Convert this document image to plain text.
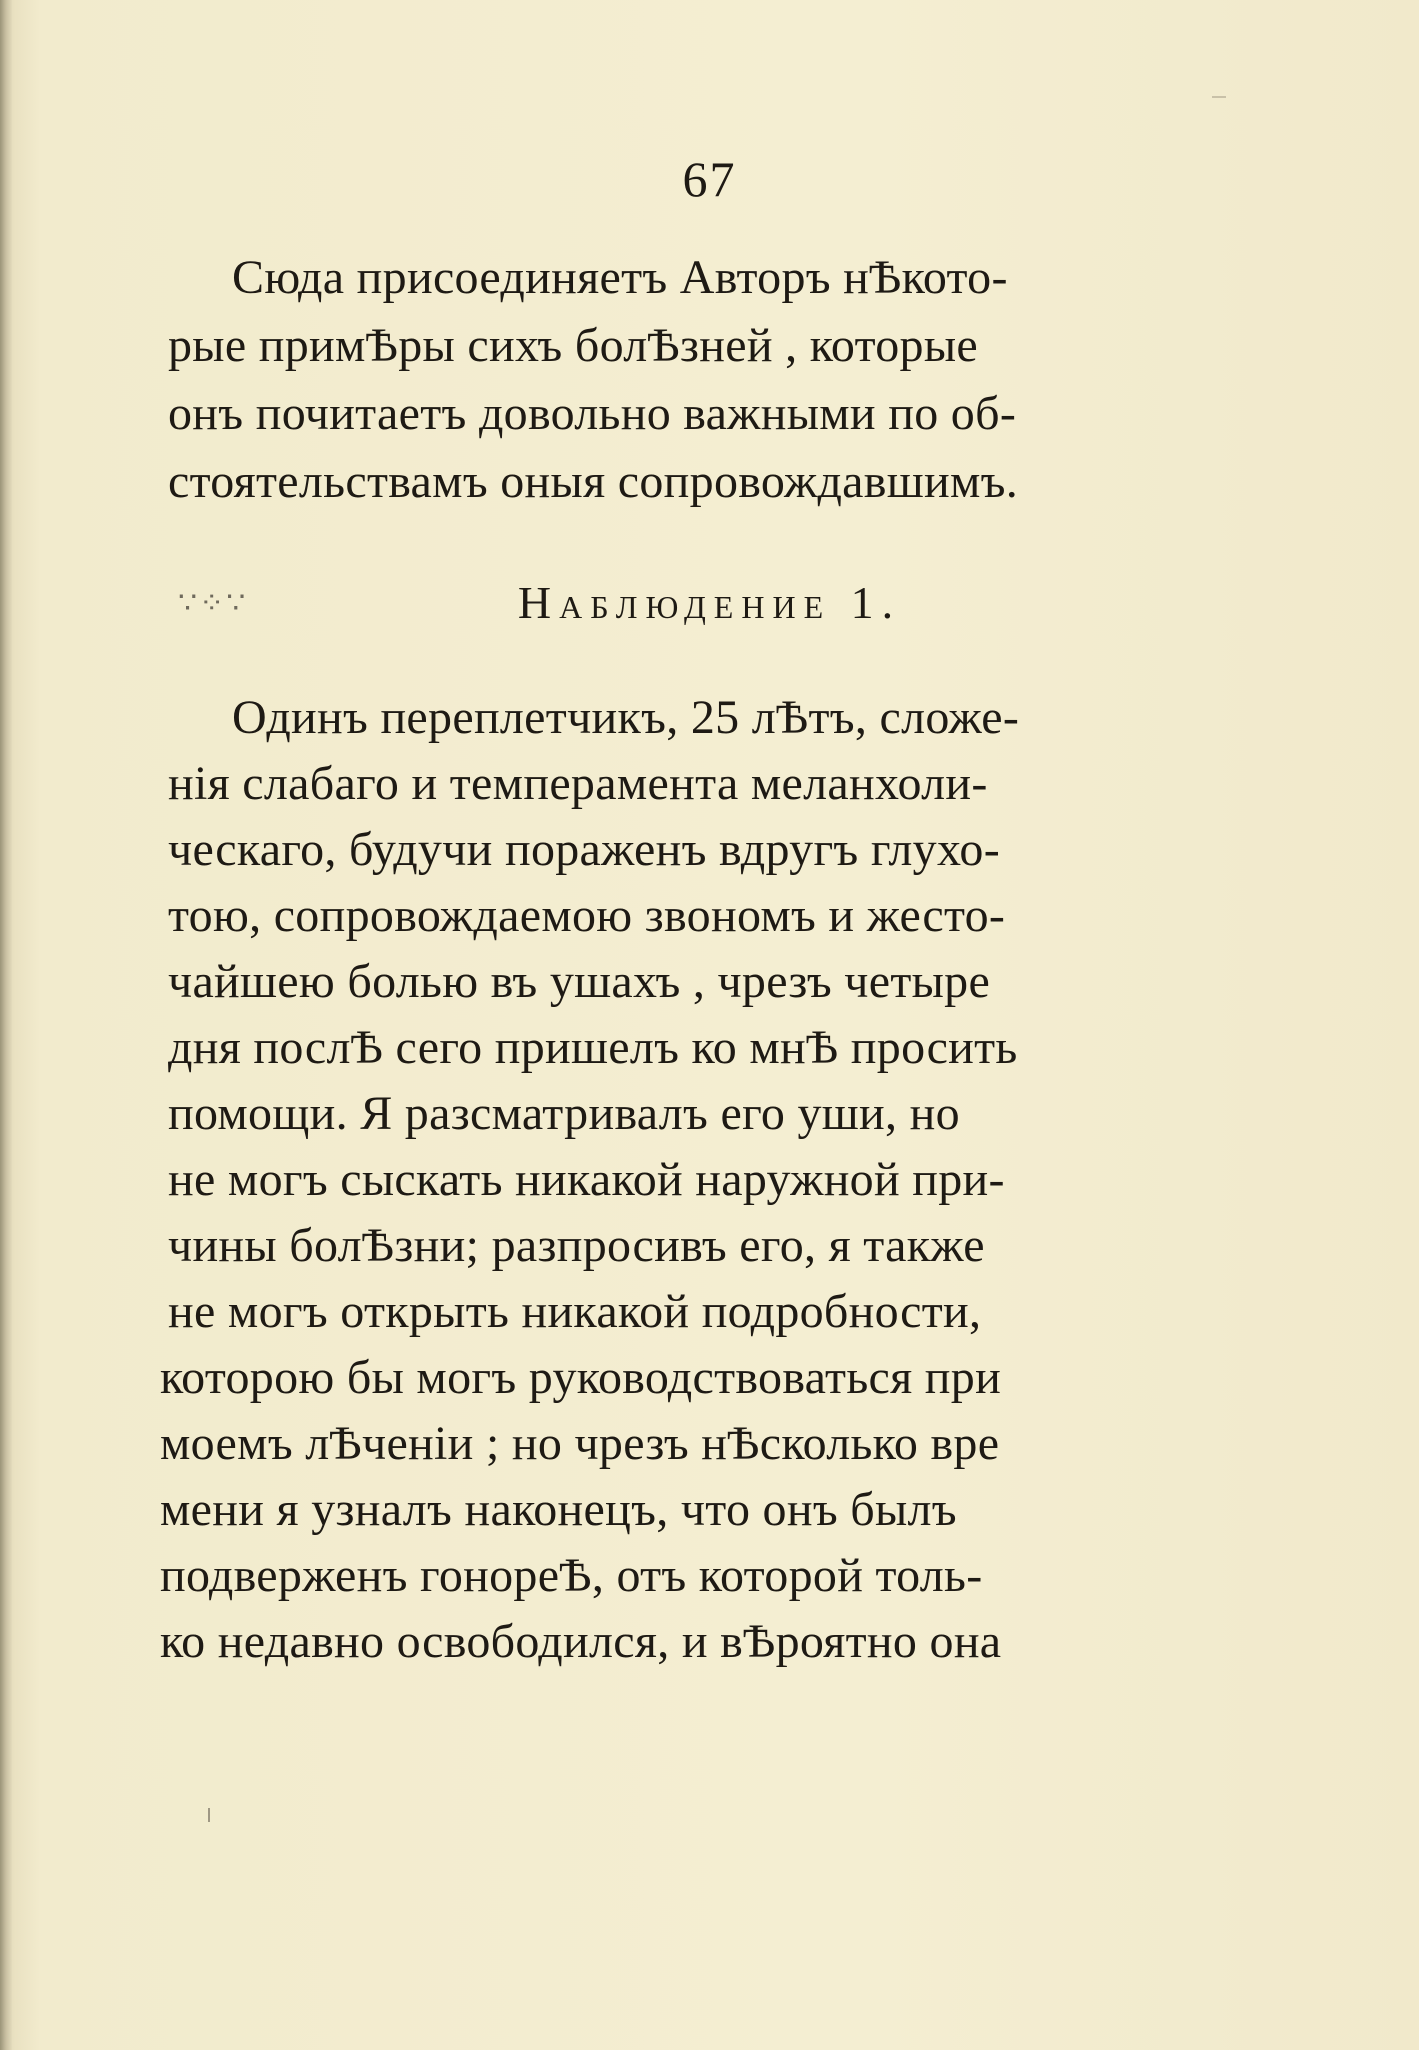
67
Сюда присоединяетъ Авторъ нѢкото-
рые примѢры сихъ болѢзней , которые
онъ почитаетъ довольно важными по об-
стоятельствамъ оныя сопровождавшимъ.
∵⁘∵	Наблюдение 1.
Одинъ переплетчикъ, 25 лѢтъ, сложе-
нія слабаго и темперамента меланхоли-
ческаго, будучи пораженъ вдругъ глухо-
тою, сопровождаемою звономъ и жесто-
чайшею болью въ ушахъ , чрезъ четыре
дня послѢ сего пришелъ ко мнѢ просить
помощи. Я разсматривалъ его уши, но
не могъ сыскать никакой наружной при-
чины болѢзни; разпросивъ его, я также
не могъ открыть никакой подробности,
которою бы могъ руководствоваться при
моемъ лѢченіи ; но чрезъ нѢсколько вре
мени я узналъ наконецъ, что онъ былъ
подверженъ гонореѢ, отъ которой толь-
ко недавно освободился, и вѢроятно она
